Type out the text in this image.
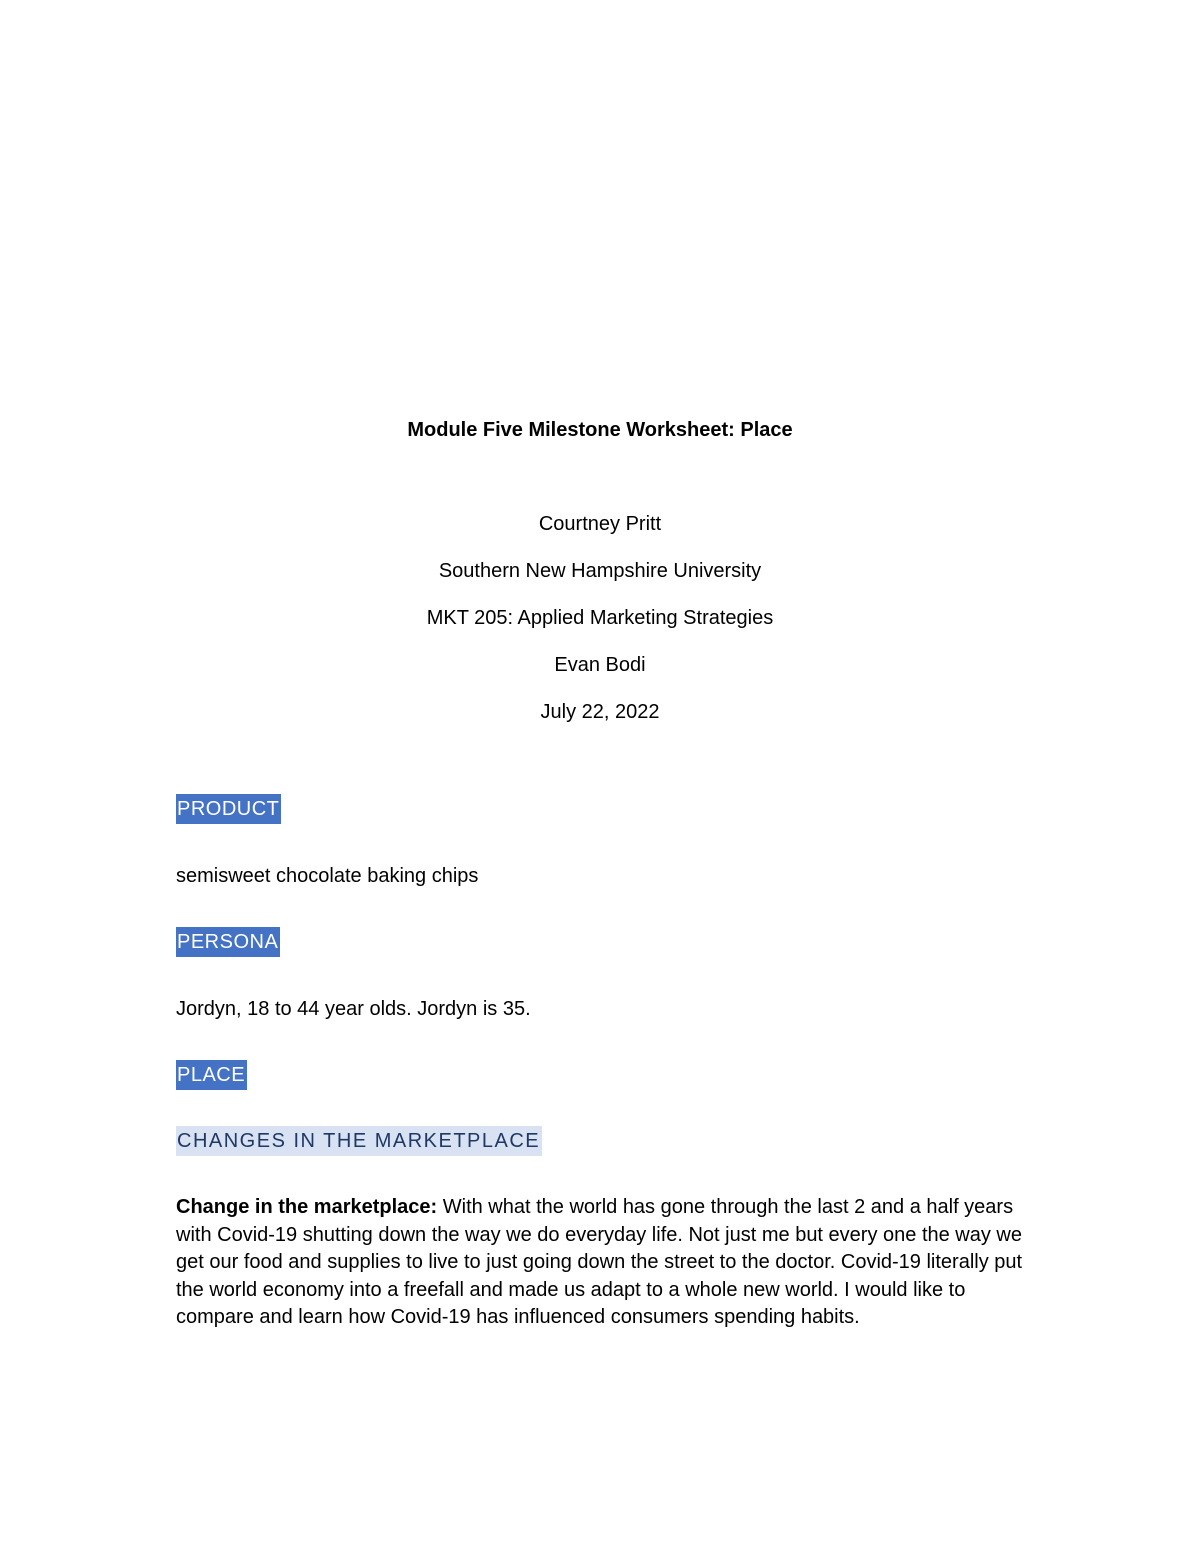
Module Five Milestone Worksheet: Place

Courtney Pritt

Southern New Hampshire University

MKT 205: Applied Marketing Strategies

Evan Bodi

July 22, 2022

PRODUCT

semisweet chocolate baking chips

PERSONA

Jordyn, 18 to 44 year olds. Jordyn is 35.

PLACE
CHANGES IN THE MARKETPLACE

Change in the marketplace: With what the world has gone through the last 2 and a half years with Covid-19 shutting down the way we do everyday life. Not just me but every one the way we get our food and supplies to live to just going down the street to the doctor. Covid-19 literally put the world economy into a freefall and made us adapt to a whole new world. I would like to compare and learn how Covid-19 has influenced consumers spending habits.
